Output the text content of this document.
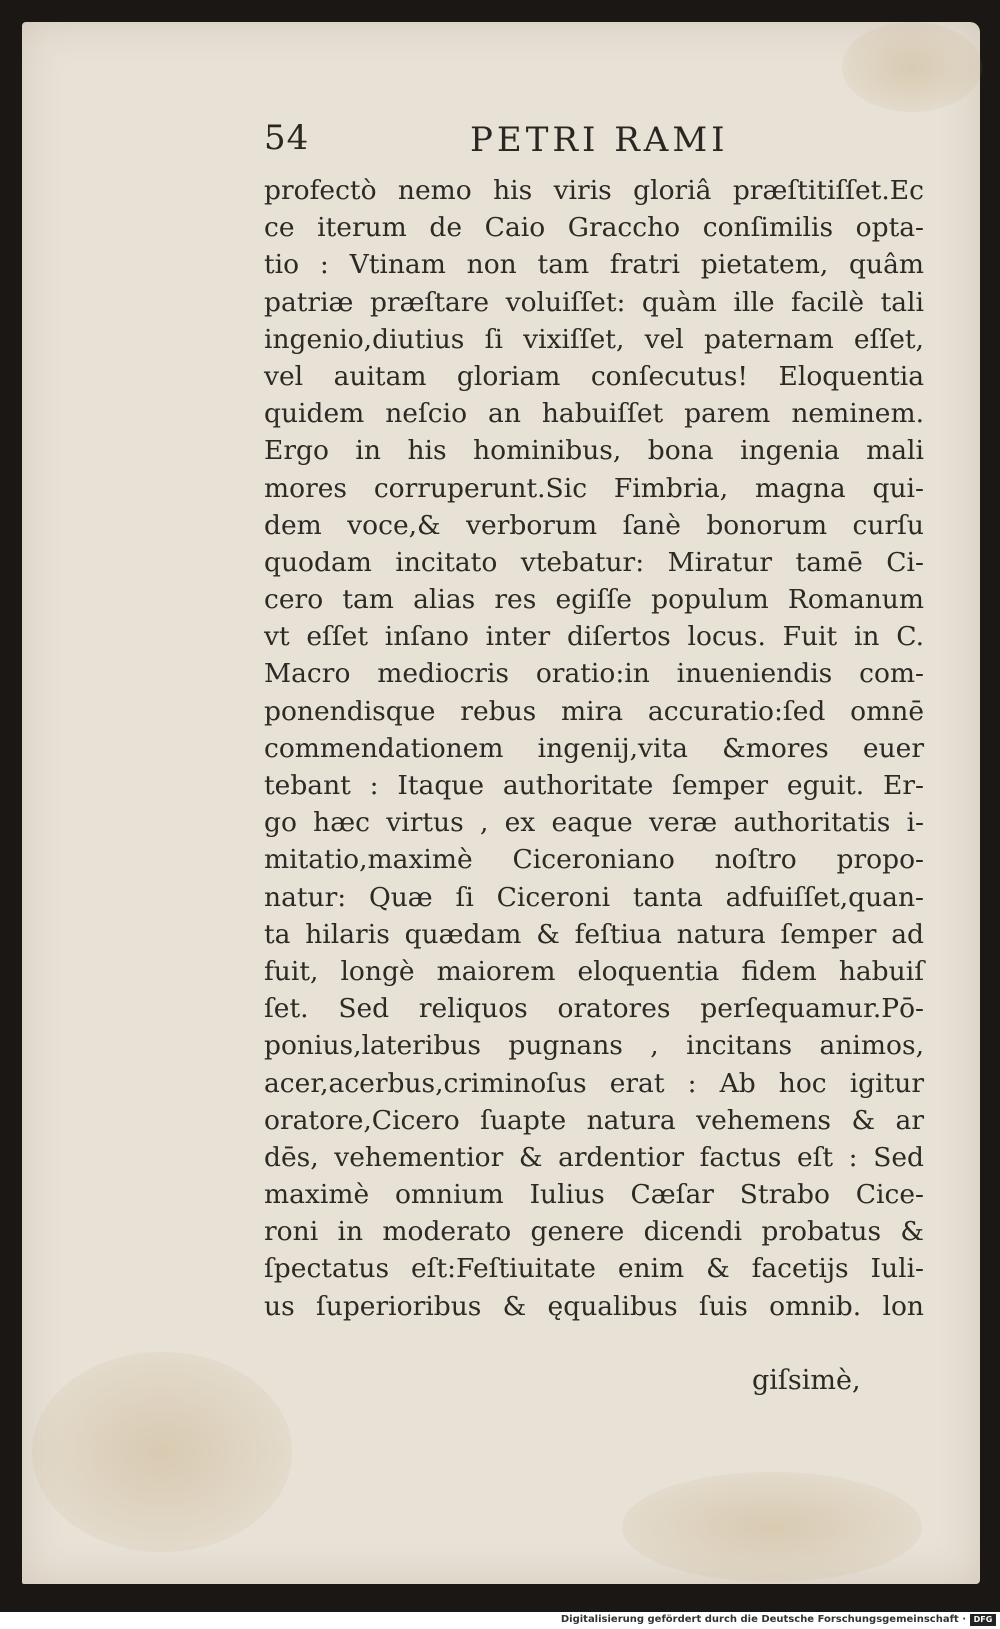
54	PETRI RAMI
profectò nemo his viris gloriâ præſtitiſſet.Ec
ce iterum de Caio Graccho conſimilis opta-
tio : Vtinam non tam fratri pietatem, quâm
patriæ præſtare voluiſſet: quàm ille facilè tali
ingenio,diutius ſi vixiſſet, vel paternam eſſet,
vel auitam gloriam conſecutus! Eloquentia
quidem neſcio an habuiſſet parem neminem.
Ergo in his hominibus, bona ingenia mali
mores corruperunt.Sic Fimbria, magna qui-
dem voce,& verborum ſanè bonorum curſu
quodam incitato vtebatur: Miratur tamē Ci-
cero tam alias res egiſſe populum Romanum
vt eſſet inſano inter diſertos locus. Fuit in C.
Macro mediocris oratio:in inueniendis com-
ponendisque rebus mira accuratio:ſed omnē
commendationem ingenij,vita &mores euer
tebant : Itaque authoritate ſemper eguit. Er-
go hæc virtus , ex eaque veræ authoritatis i-
mitatio,maximè Ciceroniano noſtro propo-
natur: Quæ ſi Ciceroni tanta adfuiſſet,quan-
ta hilaris quædam & feſtiua natura ſemper ad
fuit, longè maiorem eloquentia fidem habuiſ
ſet. Sed reliquos oratores perſequamur.Pō-
ponius,lateribus pugnans , incitans animos,
acer,acerbus,criminoſus erat : Ab hoc igitur
oratore,Cicero ſuapte natura vehemens & ar
dēs, vehementior & ardentior factus eſt : Sed
maximè omnium Iulius Cæſar Strabo Cice-
roni in moderato genere dicendi probatus &
ſpectatus eſt:Feſtiuitate enim & facetijs Iuli-
us ſuperioribus & ęqualibus ſuis omnib. lon
giſsimè,
Digitalisierung gefördert durch die Deutsche Forschungsgemeinschaft · DFG
